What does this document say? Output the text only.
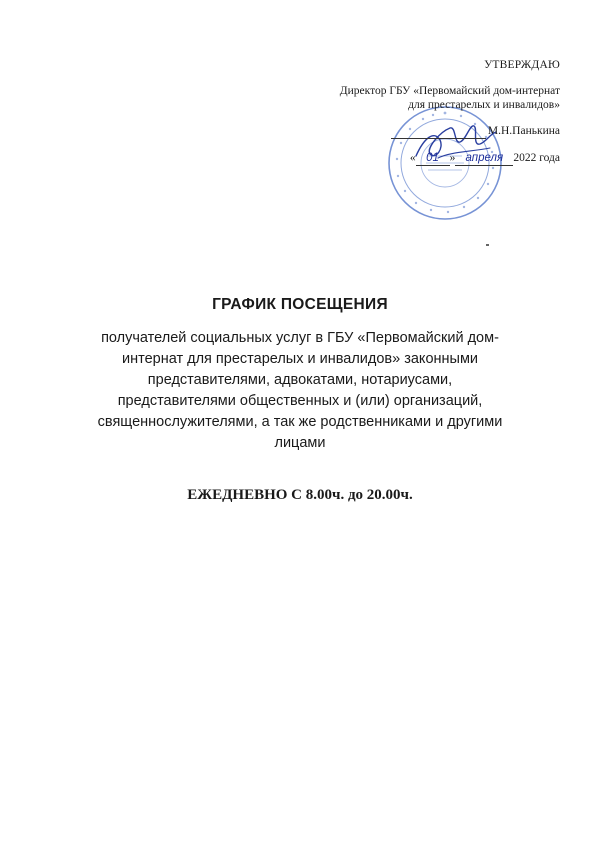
УТВЕРЖДАЮ
Директор ГБУ «Первомайский дом-интернат
для престарелых и инвалидов»
М.Н.Панькина
« 01 » апреля 2022 года
ГРАФИК ПОСЕЩЕНИЯ
получателей социальных услуг в ГБУ «Первомайский дом-интернат для престарелых и инвалидов» законными представителями, адвокатами, нотариусами, представителями общественных и (или) организаций, священнослужителями, а так же родственниками и другими лицами
ЕЖЕДНЕВНО С 8.00ч. до 20.00ч.
